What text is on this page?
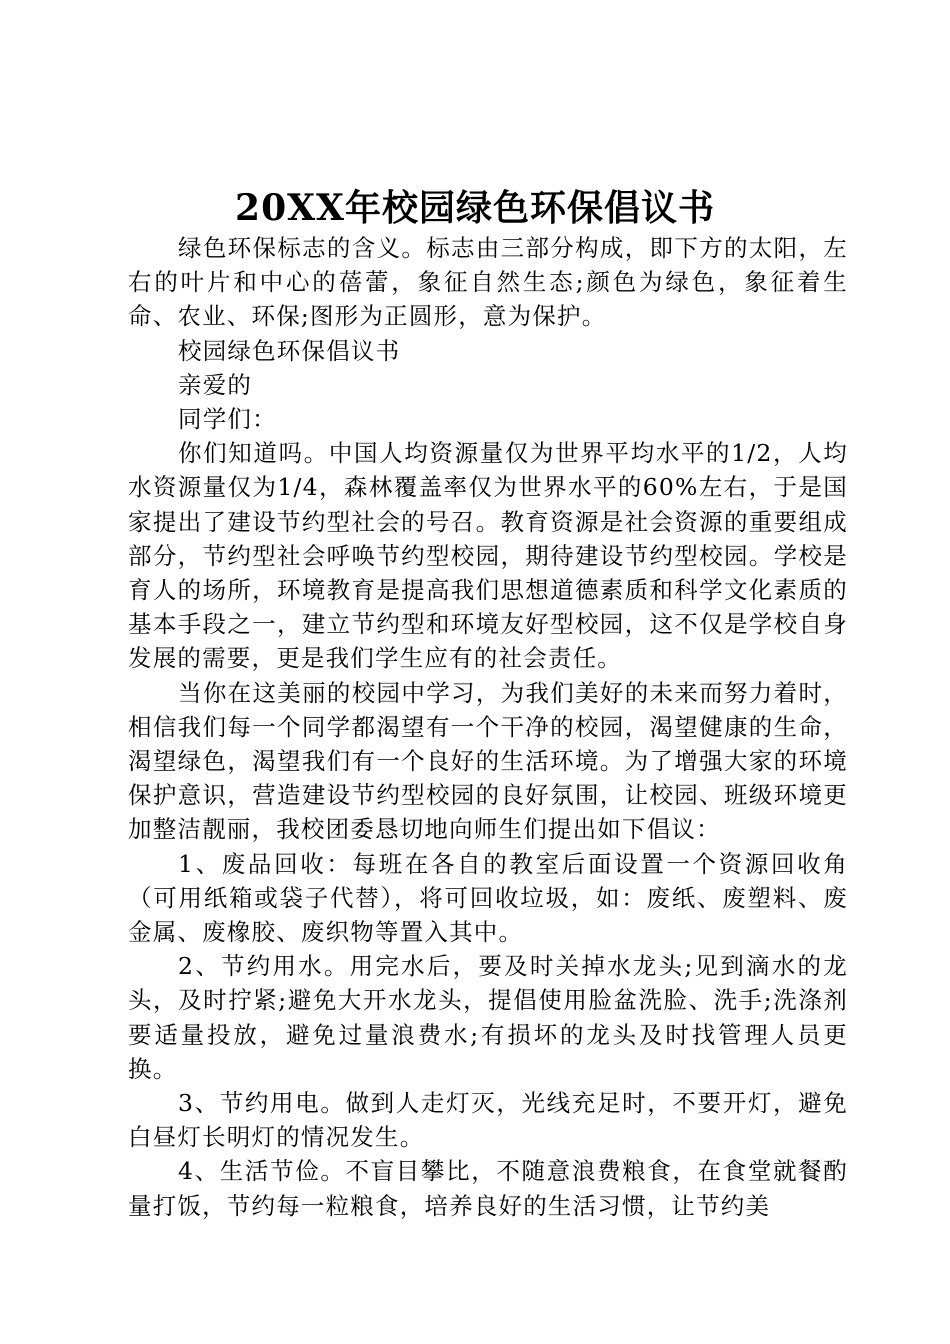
20XX年校园绿色环保倡议书

绿色环保标志的含义。标志由三部分构成，即下方的太阳，左右的叶片和中心的蓓蕾，象征自然生态;颜色为绿色，象征着生命、农业、环保;图形为正圆形，意为保护。

校园绿色环保倡议书

亲爱的

同学们：

你们知道吗。中国人均资源量仅为世界平均水平的1/2，人均水资源量仅为1/4，森林覆盖率仅为世界水平的60%左右，于是国家提出了建设节约型社会的号召。教育资源是社会资源的重要组成部分，节约型社会呼唤节约型校园，期待建设节约型校园。学校是育人的场所，环境教育是提高我们思想道德素质和科学文化素质的基本手段之一，建立节约型和环境友好型校园，这不仅是学校自身发展的需要，更是我们学生应有的社会责任。

当你在这美丽的校园中学习，为我们美好的未来而努力着时，相信我们每一个同学都渴望有一个干净的校园，渴望健康的生命，渴望绿色，渴望我们有一个良好的生活环境。为了增强大家的环境保护意识，营造建设节约型校园的良好氛围，让校园、班级环境更加整洁靓丽，我校团委恳切地向师生们提出如下倡议：

1、废品回收：每班在各自的教室后面设置一个资源回收角（可用纸箱或袋子代替），将可回收垃圾，如：废纸、废塑料、废金属、废橡胶、废织物等置入其中。

2、节约用水。用完水后，要及时关掉水龙头;见到滴水的龙头，及时拧紧;避免大开水龙头，提倡使用脸盆洗脸、洗手;洗涤剂要适量投放，避免过量浪费水;有损坏的龙头及时找管理人员更换。

3、节约用电。做到人走灯灭，光线充足时，不要开灯，避免白昼灯长明灯的情况发生。

4、生活节俭。不盲目攀比，不随意浪费粮食，在食堂就餐酌量打饭，节约每一粒粮食，培养良好的生活习惯，让节约美
